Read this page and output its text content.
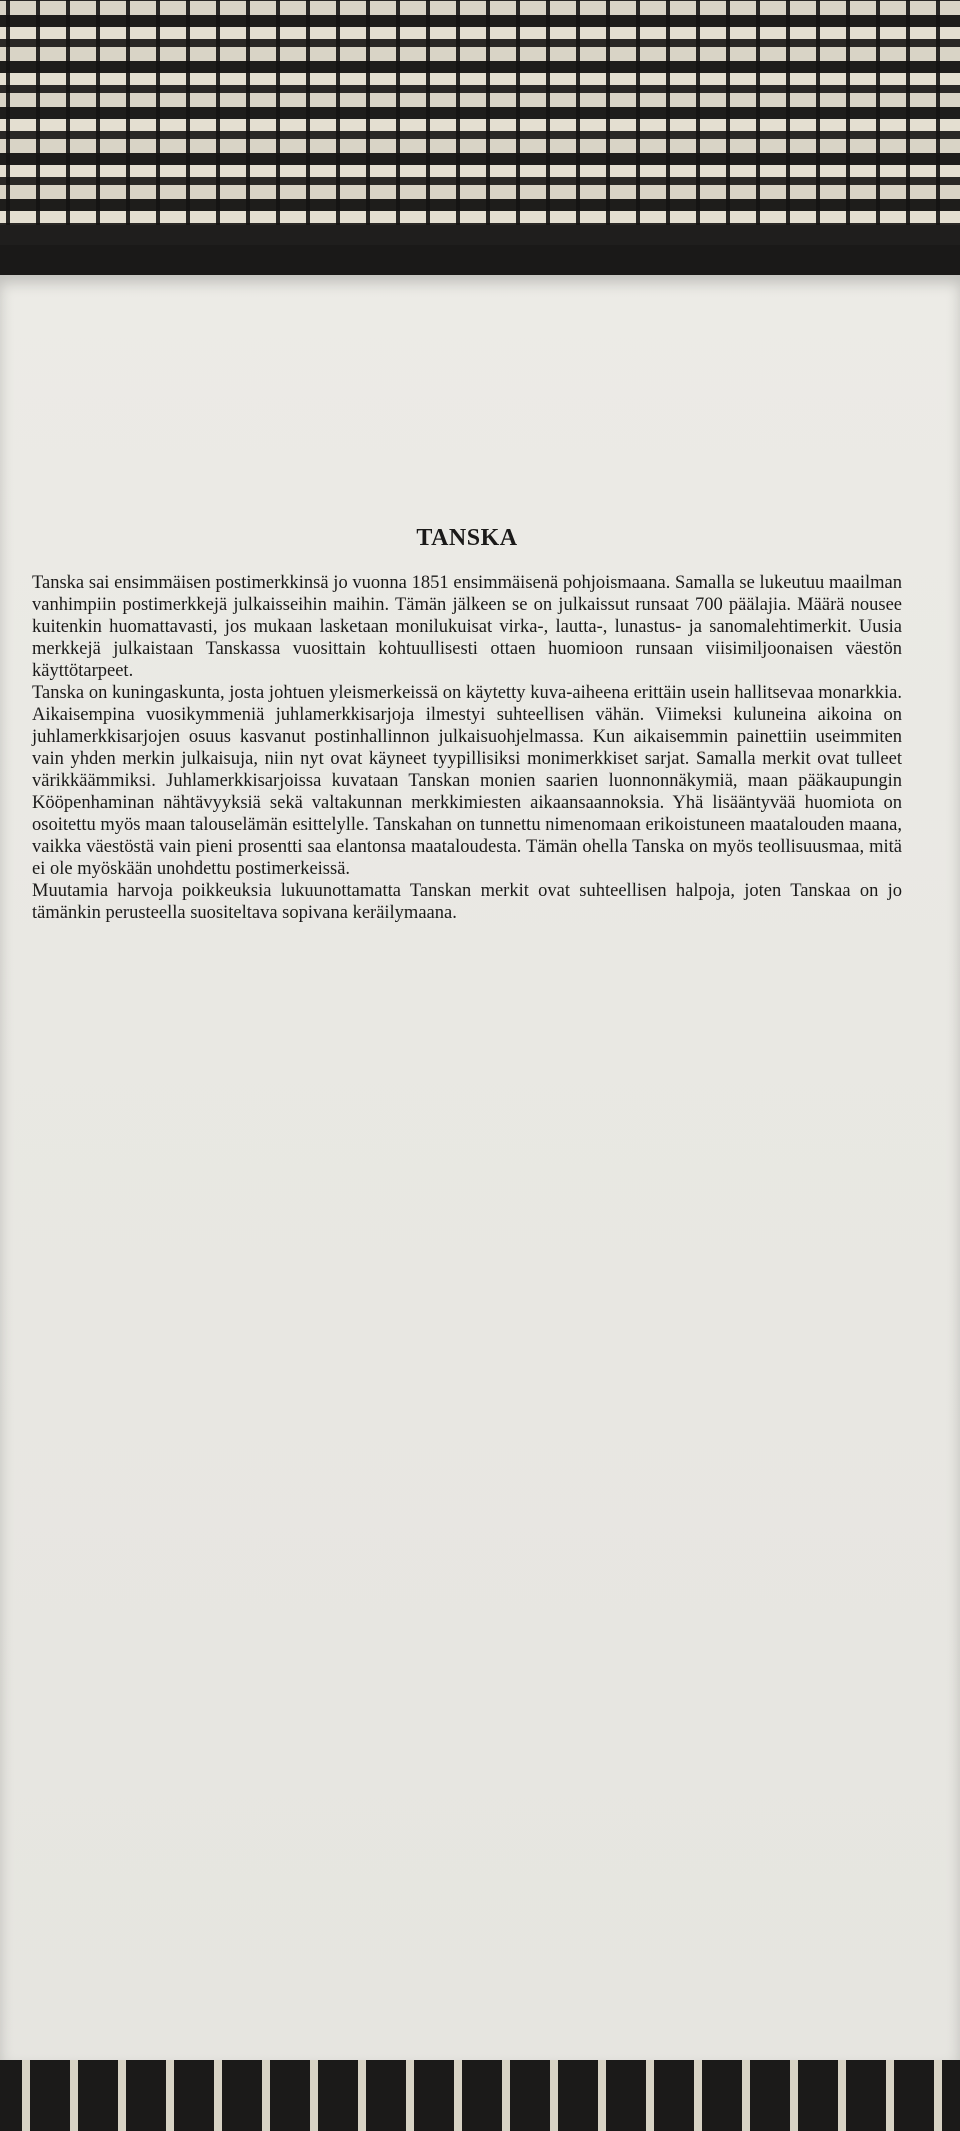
TANSKA

Tanska sai ensimmäisen postimerkkinsä jo vuonna 1851 ensimmäisenä pohjoismaana. Samalla se lukeutuu maailman vanhimpiin postimerkkejä julkaisseihin maihin. Tämän jälkeen se on julkaissut runsaat 700 päälajia. Määrä nousee kuitenkin huomattavasti, jos mukaan lasketaan monilukuisat virka-, lautta-, lunastus- ja sanomalehtimerkit. Uusia merkkejä julkaistaan Tanskassa vuosittain kohtuullisesti ottaen huomioon runsaan viisimiljoonaisen väestön käyttötarpeet.

Tanska on kuningaskunta, josta johtuen yleismerkeissä on käytetty kuva-aiheena erittäin usein hallitsevaa monarkkia. Aikaisempina vuosikymmeniä juhlamerkkisarjoja ilmestyi suhteellisen vähän. Viimeksi kuluneina aikoina on juhlamerkkisarjojen osuus kasvanut postinhallinnon julkaisuohjelmassa. Kun aikaisemmin painettiin useimmiten vain yhden merkin julkaisuja, niin nyt ovat käyneet tyypillisiksi monimerkkiset sarjat. Samalla merkit ovat tulleet värikkäämmiksi. Juhlamerkkisarjoissa kuvataan Tanskan monien saarien luonnonnäkymiä, maan pääkaupungin Kööpenhaminan nähtävyyksiä sekä valtakunnan merkkimiesten aikaansaannoksia. Yhä lisääntyvää huomiota on osoitettu myös maan talouselämän esittelylle. Tanskahan on tunnettu nimenomaan erikoistuneen maatalouden maana, vaikka väestöstä vain pieni prosentti saa elantonsa maataloudesta. Tämän ohella Tanska on myös teollisuusmaa, mitä ei ole myöskään unohdettu postimerkeissä.

Muutamia harvoja poikkeuksia lukuunottamatta Tanskan merkit ovat suhteellisen halpoja, joten Tanskaa on jo tämänkin perusteella suositeltava sopivana keräilymaana.
